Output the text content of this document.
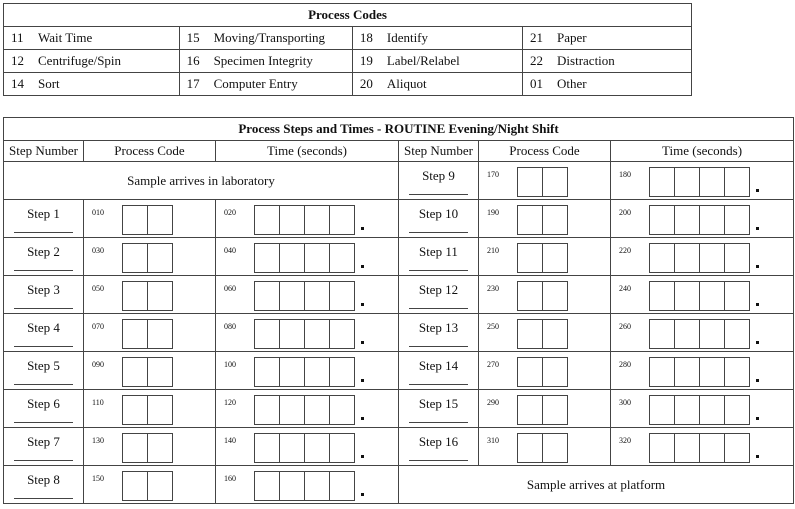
Process Codes			
11 Wait Time	15 Moving/Transporting	18 Identify	21 Paper
12 Centrifuge/Spin	16 Specimen Integrity	19 Label/Relabel	22 Distraction
14 Sort	17 Computer Entry	20 Aliquot	01 Other
Process Steps and Times - ROUTINE Evening/Night Shift					
Step Number	Process Code	Time (seconds)	Step Number	Process Code	Time (seconds)
Sample arrives in laboratory			Step 9	170	180

Step 1	010	020	Step 10	190	200

Step 2	030	040	Step 11	210	220

Step 3	050	060	Step 12	230	240

Step 4	070	080	Step 13	250	260

Step 5	090	100	Step 14	270	280

Step 6	110	120	Step 15	290	300

Step 7	130	140	Step 16	310	320

Step 8	150	160	Sample arrives at platform		
